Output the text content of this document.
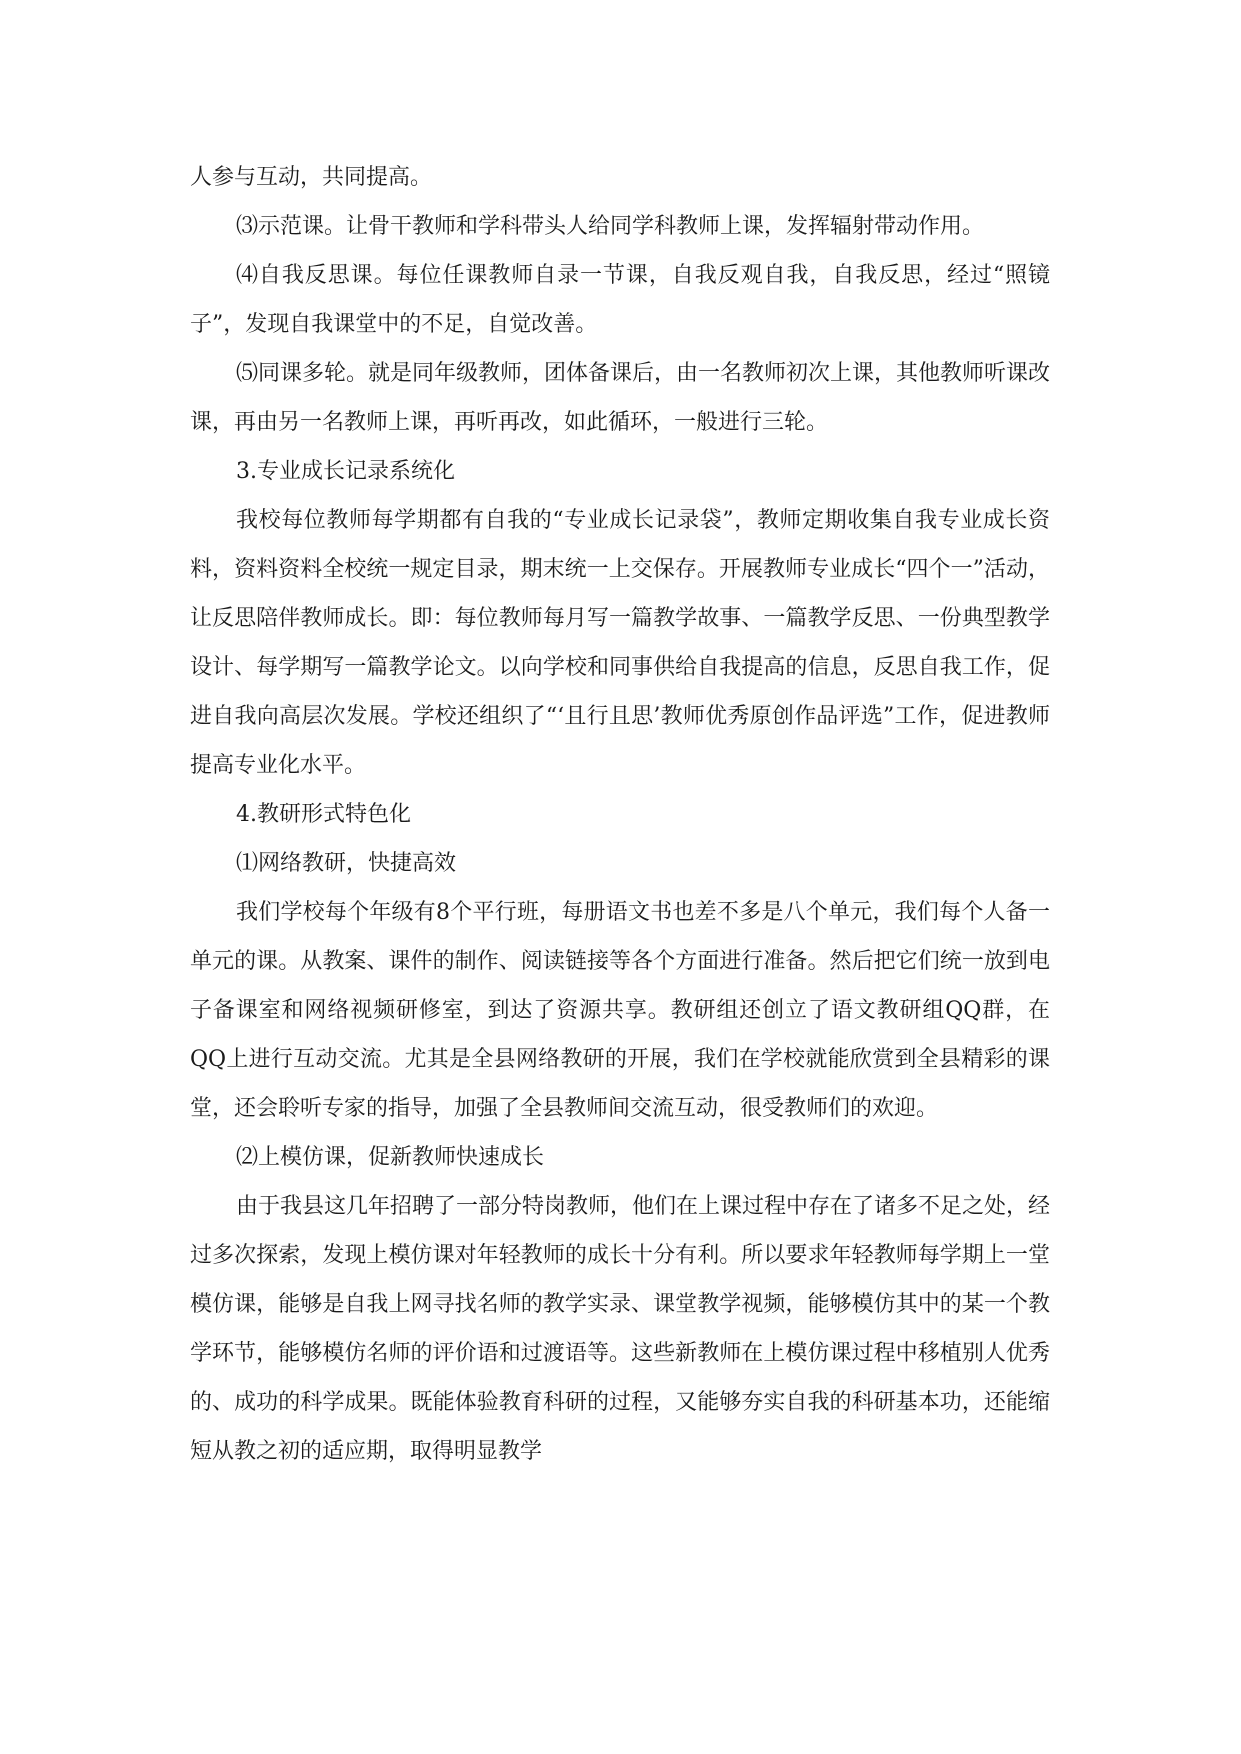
人参与互动，共同提高。

⑶示范课。让骨干教师和学科带头人给同学科教师上课，发挥辐射带动作用。

⑷自我反思课。每位任课教师自录一节课，自我反观自我，自我反思，经过“照镜子”，发现自我课堂中的不足，自觉改善。

⑸同课多轮。就是同年级教师，团体备课后，由一名教师初次上课，其他教师听课改课，再由另一名教师上课，再听再改，如此循环，一般进行三轮。

3.专业成长记录系统化

我校每位教师每学期都有自我的“专业成长记录袋”，教师定期收集自我专业成长资料，资料资料全校统一规定目录，期末统一上交保存。开展教师专业成长“四个一”活动，让反思陪伴教师成长。即：每位教师每月写一篇教学故事、一篇教学反思、一份典型教学设计、每学期写一篇教学论文。以向学校和同事供给自我提高的信息，反思自我工作，促进自我向高层次发展。学校还组织了“‘且行且思’教师优秀原创作品评选”工作，促进教师提高专业化水平。

4.教研形式特色化

⑴网络教研，快捷高效

我们学校每个年级有8个平行班，每册语文书也差不多是八个单元，我们每个人备一单元的课。从教案、课件的制作、阅读链接等各个方面进行准备。然后把它们统一放到电子备课室和网络视频研修室，到达了资源共享。教研组还创立了语文教研组QQ群，在QQ上进行互动交流。尤其是全县网络教研的开展，我们在学校就能欣赏到全县精彩的课堂，还会聆听专家的指导，加强了全县教师间交流互动，很受教师们的欢迎。

⑵上模仿课，促新教师快速成长

由于我县这几年招聘了一部分特岗教师，他们在上课过程中存在了诸多不足之处，经过多次探索，发现上模仿课对年轻教师的成长十分有利。所以要求年轻教师每学期上一堂模仿课，能够是自我上网寻找名师的教学实录、课堂教学视频，能够模仿其中的某一个教学环节，能够模仿名师的评价语和过渡语等。这些新教师在上模仿课过程中移植别人优秀的、成功的科学成果。既能体验教育科研的过程，又能够夯实自我的科研基本功，还能缩短从教之初的适应期，取得明显教学
